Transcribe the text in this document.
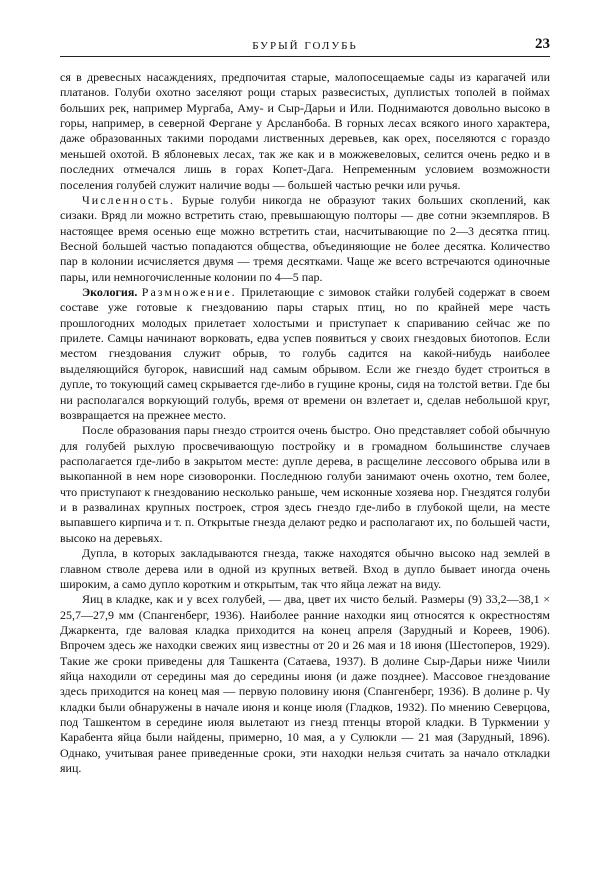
БУРЫЙ ГОЛУБЬ	23

ся в древесных насаждениях, предпочитая старые, малопосещаемые сады из карагачей или платанов. Голуби охотно заселяют рощи старых развесистых, дуплистых тополей в поймах больших рек, например Мургаба, Аму- и Сыр-Дарьи и Или. Поднимаются довольно высоко в горы, например, в северной Фергане у Арсланбоба. В горных лесах всякого иного характера, даже образованных такими породами лиственных деревьев, как орех, поселяются с гораздо меньшей охотой. В яблоневых лесах, так же как и в можжевеловых, селится очень редко и в последних отмечался лишь в горах Копет-Дага. Непременным условием возможности поселения голубей служит наличие воды — большей частью речки или ручья.

Численность. Бурые голуби никогда не образуют таких больших скоплений, как сизаки. Вряд ли можно встретить стаю, превышающую полторы — две сотни экземпляров. В настоящее время осенью еще можно встретить стаи, насчитывающие по 2—3 десятка птиц. Весной большей частью попадаются общества, объединяющие не более десятка. Количество пар в колонии исчисляется двумя — тремя десятками. Чаще же всего встречаются одиночные пары, или немногочисленные колонии по 4—5 пар.

Экология. Размножение. Прилетающие с зимовок стайки голубей содержат в своем составе уже готовые к гнездованию пары старых птиц, но по крайней мере часть прошлогодних молодых прилетает холостыми и приступает к спариванию сейчас же по прилете. Самцы начинают ворковать, едва успев появиться у своих гнездовых биотопов. Если местом гнездования служит обрыв, то голубь садится на какой-нибудь наиболее выделяющийся бугорок, нависший над самым обрывом. Если же гнездо будет строиться в дупле, то токующий самец скрывается где-либо в гущине кроны, сидя на толстой ветви. Где бы ни располагался воркующий голубь, время от времени он взлетает и, сделав небольшой круг, возвращается на прежнее место.

После образования пары гнездо строится очень быстро. Оно представляет собой обычную для голубей рыхлую просвечивающую постройку и в громадном большинстве случаев располагается где-либо в закрытом месте: дупле дерева, в расщелине лессового обрыва или в выкопанной в нем норе сизоворонки. Последнюю голуби занимают очень охотно, тем более, что приступают к гнездованию несколько раньше, чем исконные хозяева нор. Гнездятся голуби и в развалинах крупных построек, строя здесь гнездо где-либо в глубокой щели, на месте выпавшего кирпича и т. п. Открытые гнезда делают редко и располагают их, по большей части, высоко на деревьях.

Дупла, в которых закладываются гнезда, также находятся обычно высоко над землей в главном стволе дерева или в одной из крупных ветвей. Вход в дупло бывает иногда очень широким, а само дупло коротким и открытым, так что яйца лежат на виду.

Яиц в кладке, как и у всех голубей, — два, цвет их чисто белый. Размеры (9) 33,2—38,1 × 25,7—27,9 мм (Спангенберг, 1936). Наиболее ранние находки яиц относятся к окрестностям Джаркента, где валовая кладка приходится на конец апреля (Зарудный и Кореев, 1906). Впрочем здесь же находки свежих яиц известны от 20 и 26 мая и 18 июня (Шестоперов, 1929). Такие же сроки приведены для Ташкента (Сатаева, 1937). В долине Сыр-Дарьи ниже Чиили яйца находили от середины мая до середины июня (и даже позднее). Массовое гнездование здесь приходится на конец мая — первую половину июня (Спангенберг, 1936). В долине р. Чу кладки были обнаружены в начале июня и конце июля (Гладков, 1932). По мнению Северцова, под Ташкентом в середине июля вылетают из гнезд птенцы второй кладки. В Туркмении у Карабента яйца были найдены, примерно, 10 мая, а у Сулюкли — 21 мая (Зарудный, 1896). Однако, учитывая ранее приведенные сроки, эти находки нельзя считать за начало откладки яиц.
